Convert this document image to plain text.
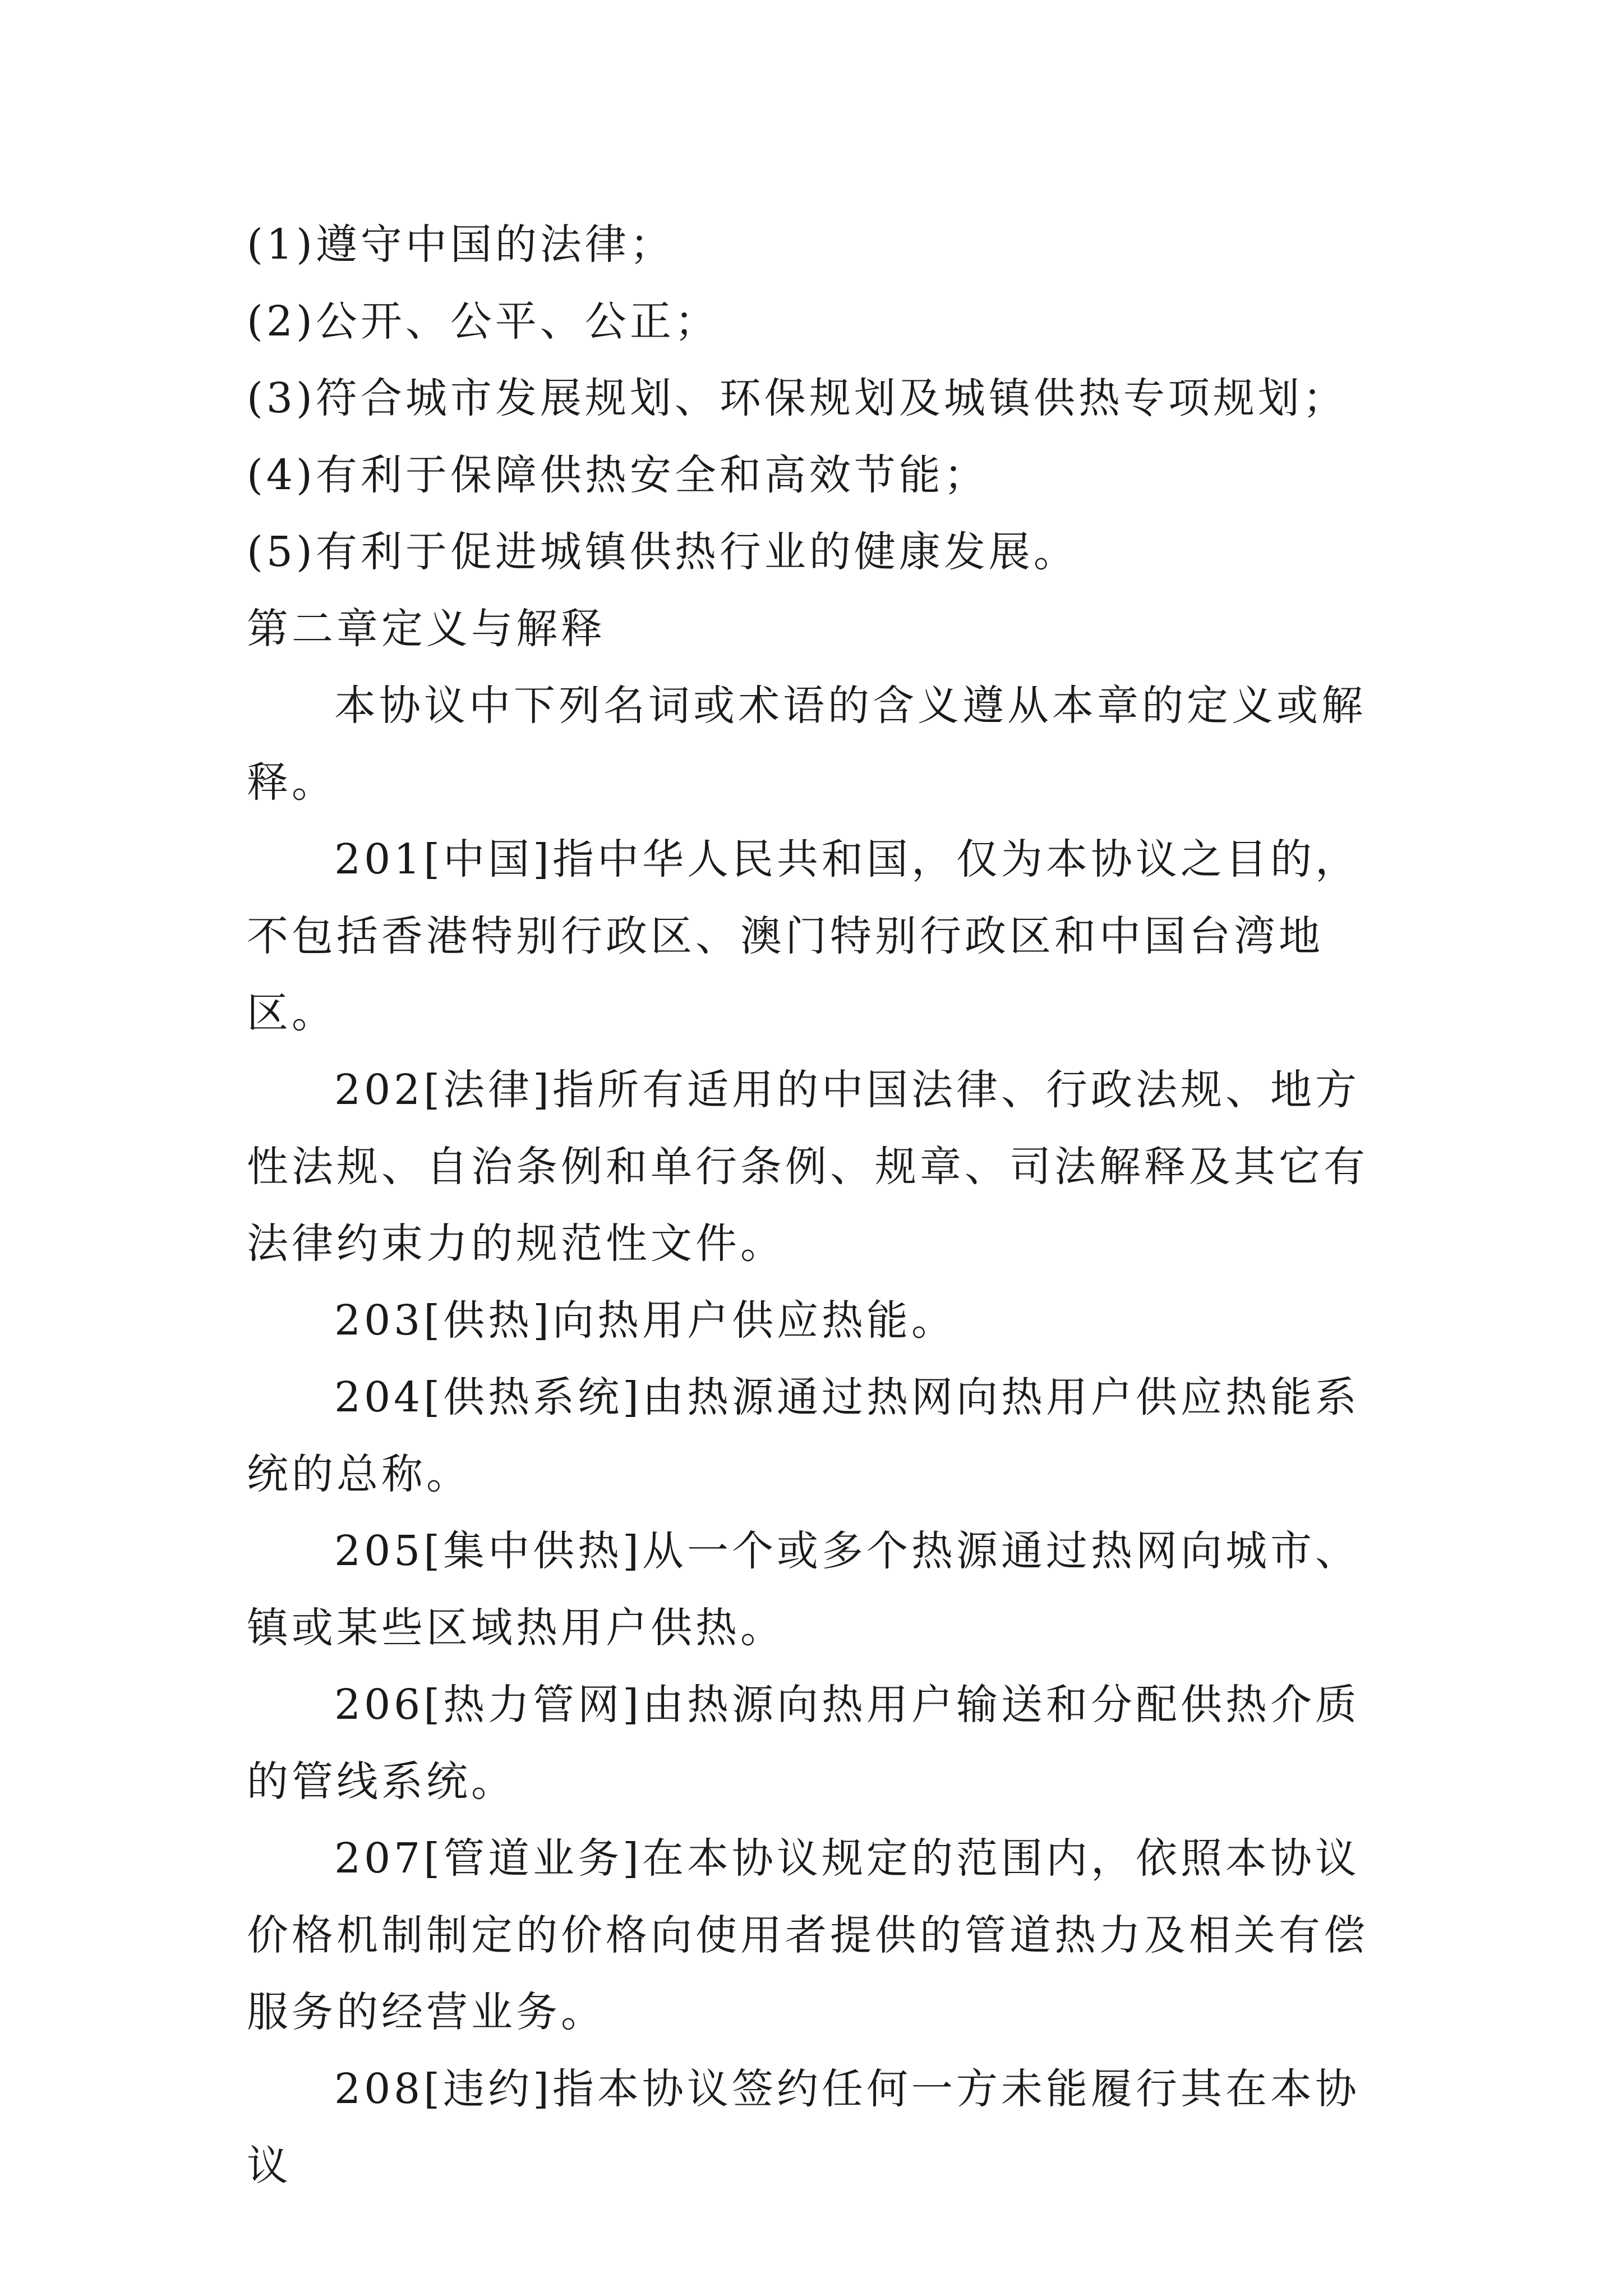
(1)遵守中国的法律；

(2)公开、公平、公正；

(3)符合城市发展规划、环保规划及城镇供热专项规划；

(4)有利于保障供热安全和高效节能；

(5)有利于促进城镇供热行业的健康发展。

第二章定义与解释

本协议中下列名词或术语的含义遵从本章的定义或解释。

201[中国]指中华人民共和国，仅为本协议之目的，不包括香港特别行政区、澳门特别行政区和中国台湾地区。

202[法律]指所有适用的中国法律、行政法规、地方性法规、自治条例和单行条例、规章、司法解释及其它有法律约束力的规范性文件。

203[供热]向热用户供应热能。

204[供热系统]由热源通过热网向热用户供应热能系统的总称。

205[集中供热]从一个或多个热源通过热网向城市、镇或某些区域热用户供热。

206[热力管网]由热源向热用户输送和分配供热介质的管线系统。

207[管道业务]在本协议规定的范围内，依照本协议价格机制制定的价格向使用者提供的管道热力及相关有偿服务的经营业务。

208[违约]指本协议签约任何一方未能履行其在本协议
